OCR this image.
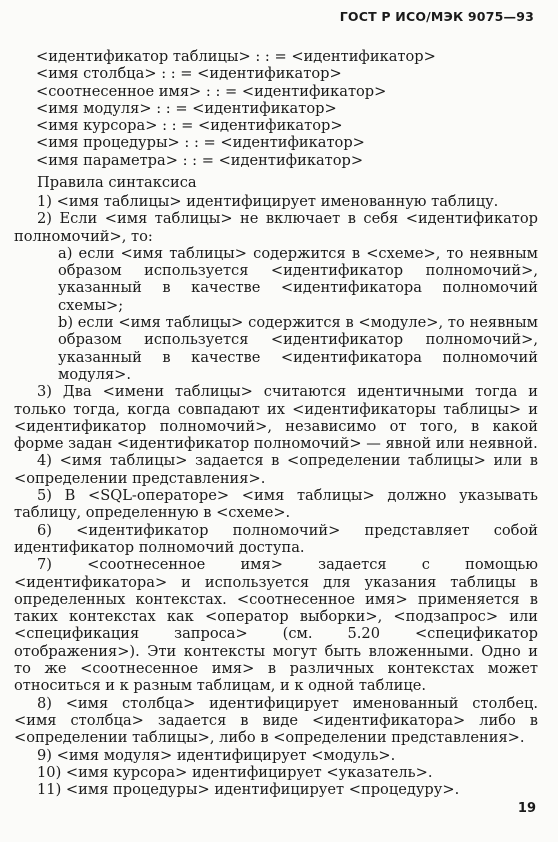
ГОСТ Р ИСО/МЭК 9075—93
<идентификатор таблицы> : : = <идентификатор>
<имя столбца> : : = <идентификатор>
<соотнесенное имя> : : = <идентификатор>
<имя модуля> : : = <идентификатор>
<имя курсора> : : = <идентификатор>
<имя процедуры> : : = <идентификатор>
<имя параметра> : : = <идентификатор>
Правила синтаксиса
1) <имя таблицы> идентифицирует именованную таблицу.
2) Если <имя таблицы> не включает в себя <идентификатор полномочий>, то:
а) если <имя таблицы> содержится в <схеме>, то неявным образом используется <идентификатор полномочий>, указанный в качестве <идентификатора полномочий схемы>;
b) если <имя таблицы> содержится в <модуле>, то неявным образом используется <идентификатор полномочий>, указанный в качестве <идентификатора полномочий модуля>.
3) Два <имени таблицы> считаются идентичными тогда и только тогда, когда совпадают их <идентификаторы таблицы> и <идентификатор полномочий>, независимо от того, в какой форме задан <идентификатор полномочий> — явной или неявной.
4) <имя таблицы> задается в <определении таблицы> или в <определении представления>.
5) В <SQL-операторе> <имя таблицы> должно указывать таблицу, определенную в <схеме>.
6) <идентификатор полномочий> представляет собой идентификатор полномочий доступа.
7) <соотнесенное имя> задается с помощью <идентификатора> и используется для указания таблицы в определенных контекстах. <соотнесенное имя> применяется в таких контекстах как <оператор выборки>, <подзапрос> или <спецификация запроса> (см. 5.20 <спецификатор отображения>). Эти контексты могут быть вложенными. Одно и то же <соотнесенное имя> в различных контекстах может относиться и к разным таблицам, и к одной таблице.
8) <имя столбца> идентифицирует именованный столбец. <имя столбца> задается в виде <идентификатора> либо в <определении таблицы>, либо в <определении представления>.
9) <имя модуля> идентифицирует <модуль>.
10) <имя курсора> идентифицирует <указатель>.
11) <имя процедуры> идентифицирует <процедуру>.
19
